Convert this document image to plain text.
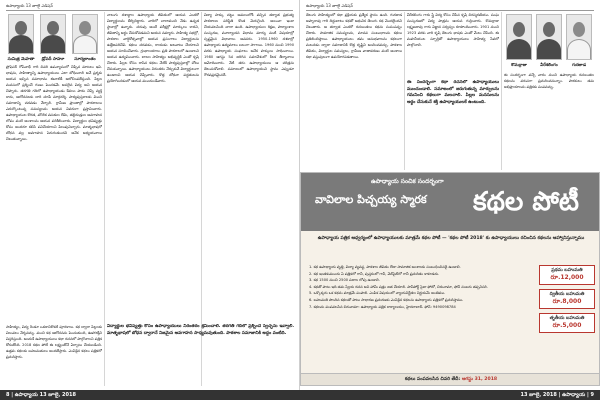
ఉపాధ్యాయ 13 జూలై ఎడిషన్
సుమిత్ర మెహతా	డ్రోపదీ సాహూ	సూర్యకాంతం

ప్రోఫెసర్ గోపీనాథ్ గారి చివరి ఉపన్యాసంలో చెప్పిన మాటలు ఇవి. భాషను, సాహిత్యాన్ని ఉపాధ్యాయులు ఎలా బోధించాలి అనే ప్రశ్నకు ఆయన ఇచ్చిన సమాధానం ఈనాటికీ ఆలోచింపజేస్తుంది. పిల్లల మనసులో ప్రశ్నించే గుణం పెంచడమే అసలైన విద్య అని ఆయన చెప్పారు. తరగతి గదిలో ఉపాధ్యాయుడు కేవలం పాఠం చెప్పే వ్యక్తి కాదు, ఆలోచనలకు దారి చూపే మార్గదర్శి. పాఠ్యపుస్తకాలకు మించి సమాజాన్ని చదవడం నేర్పాలి. గ్రామీణ ప్రాంతాల్లో పాఠశాలలు ఎదుర్కొంటున్న సమస్యలను ఆయన వివరంగా ప్రస్తావించారు. ఉపాధ్యాయుల కొరత, మౌలిక వసతుల లేమి, తల్లిదండ్రుల అవగాహన లోపం వంటి అంశాలను ఆయన పరిశీలించారు. విద్యార్థుల భవిష్యత్తు కోసం అందరూ కలిసి పనిచేయాలని పిలుపునిచ్చారు. మాతృభాషలో బోధన వల్ల అవగాహన పెరుగుతుందని అనేక అధ్యయనాలు చెబుతున్నాయి.

నాలుగు దశాబ్దాల ఉపాధ్యాయ జీవితంలో ఆయన ఎందరో విద్యార్థులను తీర్చిదిద్దారు. వారిలో చాలామంది నేడు ఉన్నత స్థానాల్లో ఉన్నారు. చదువు అంటే పరీక్షల్లో మార్కులు కాదని, జీవితాన్ని అర్థం చేసుకోవడమని ఆయన నమ్మారు. సాహిత్య సభల్లో, పాఠశాల వార్షికోత్సవాల్లో ఆయన ప్రసంగాలు విద్యార్థులను ఉత్తేజపరిచేవి. కథలు చదవడం, రాయడం అలవాటు చేయాలని ఆయన సూచించేవారు. గ్రంథాలయాలు ప్రతి పాఠశాలలో ఉండాలని ఆయన ఉద్యమించారు. బాలల సాహిత్యం అభివృద్ధికి ఎంతో కృషి చేశారు. పిల్లల కోసం రాసిన కథలు నేటికీ పాఠ్యపుస్తకాల్లో చోటు చేసుకున్నాయి. ఉపాధ్యాయులు నిరంతరం నేర్చుకునే విద్యార్థులుగా ఉండాలని ఆయన చెప్పేవారు. కొత్త బోధనా పద్ధతులను ప్రయోగించడంలో ఆయన ముందుండేవారు.

విద్యా హక్కు చట్టం అమలులోకి వచ్చిన తర్వాత ప్రభుత్వ పాఠశాలల పరిస్థితి కొంత మెరుగైంది. అయినా ఇంకా చేయవలసింది చాలా ఉంది. ఉపాధ్యాయుల శిక్షణ, పాఠ్యాంశాల సంస్కరణ, మూల్యాంకన విధానం మార్పు వంటి విషయాల్లో స్పష్టమైన విధానాలు అవసరం. 1950-1960 దశకాల్లో ఉపాధ్యాయ ఉద్యమాలు బలంగా సాగాయి. 1960 నుంచి 1990 వరకు ఉపాధ్యాయ సంఘాలు అనేక హక్కులు సాధించాయి. 1980 ఆగస్టు 5న జరిగిన సమావేశంలో కీలక తీర్మానాలు ఆమోదించారు. నేటి తరం ఉపాధ్యాయులు ఆ చరిత్రను తెలుసుకోవాలి. సమాజంలో ఉపాధ్యాయుని స్థానం ఎప్పుడూ గౌరవప్రదమైనదే.

సాహిత్యం, విద్య రెండూ ఒకదానికొకటి పూరకాలు. కథ ద్వారా పిల్లలకు విలువలు నేర్పవచ్చు. మంచి కథ ఆలోచనను పెంచుతుంది, ఊహాశక్తిని విస్తరిస్తుంది. అందుకే ఉపాధ్యాయులు కథా రచనలో పాల్గొనాలని పత్రిక కోరుతోంది. 2018 కథల పోటీ ఈ లక్ష్యంతోనే ఏర్పాటు చేయబడింది. ఉత్తమ కథలకు బహుమతులు అందజేస్తారు. ఎంపికైన కథలు పత్రికలో ప్రచురిస్తారు.

విద్యార్థుల భవిష్యత్తు కోసం ఉపాధ్యాయులు నిరంతరం శ్రమించాలి. తరగతి గదిలో ప్రశ్నించే స్వేచ్ఛను ఇవ్వాలి. మాతృభాషలో బోధన ద్వారానే నిజమైన అవగాహన సాధ్యమవుతుంది. పాఠశాల సమాజానికి అద్దం వంటిది.
8 | ఉపాధ్యాయ 13 జూలై, 2018
ఉపాధ్యాయ 13 జూలై ఎడిషన్

తెలుగు సాహిత్యంలో కథా ప్రక్రియకు ప్రత్యేక స్థానం ఉంది. గురజాడ అప్పారావు గారి దిద్దుబాటు కథతో ఆధునిక తెలుగు కథ మొదలైందని చెబుతారు. ఆ తర్వాత ఎందరో రచయితలు కథను సుసంపన్నం చేశారు. సామాజిక సమస్యలను, మానవ సంబంధాలను కథలు ప్రతిబింబిస్తాయి. ఉపాధ్యాయులు తమ అనుభవాలను కథలుగా మలచడం ద్వారా సమాజానికి కొత్త దృష్టిని అందించవచ్చు. పాఠశాల జీవితం, విద్యార్థుల సమస్యలు, గ్రామీణ వాతావరణం వంటి అంశాలు కథా వస్తువులుగా ఉపయోగపడతాయి.

వీరేశలింగం గారు స్త్రీ విద్య కోసం చేసిన కృషి చిరస్మరణీయం. సంఘ సంస్కరణలో విద్య పాత్రను ఆయన గుర్తించారు. కొమర్రాజు లక్ష్మణరావు గారు విజ్ఞాన సర్వస్వం రూపొందించారు. 1901 నుంచి 1923 వరకు వారి కృషి తెలుగు భాషకు ఎంతో మేలు చేసింది. ఈ మహనీయుల స్ఫూర్తితో ఉపాధ్యాయులు సాహిత్య సేవలో పాల్గొనాలి.

ఈ సందర్భంగా కథా రచనలో ఉపాధ్యాయులు ముందుండాలి. సమాజంలో జరుగుతున్న మార్పులను గమనించి కథలుగా మలచాలి. పిల్లల మనసులను అర్థం చేసుకునే శక్తి ఉపాధ్యాయులకే ఉంటుంది.
కొమర్రాజు	వీరేశలింగం	గురజాడ

ఈ సందర్భంగా వచ్చే వారం నుంచి ఉపాధ్యాయ రచయితల కథలను వరుసగా ప్రచురించనున్నాం. పాఠకులు తమ అభిప్రాయాలను పత్రికకు పంపవచ్చు.

ఉపాధ్యాయ సంచిక సందర్భంగా
వావిలాల పిచ్చయ్య స్మారక కథల పోటీ
ఉపాధ్యాయ పత్రిక ఆధ్వర్యంలో ఉపాధ్యాయులకు మాత్రమే కథల పోటీ — 'కథల పోటీ 2018' కు ఉపాధ్యాయులు రచించిన కథలను ఆహ్వానిస్తున్నాము
1. కథ ఉపాధ్యాయ వృత్తి, విద్యా వ్యవస్థ, పాఠశాల జీవితం లేదా సామాజిక అంశాలకు సంబంధించినదై ఉండాలి.
2. కథ ఇంతకుముందు ఏ పత్రికలో గానీ, పుస్తకంలో గానీ, వెబ్‌సైట్‌లో గానీ ప్రచురితం కాకూడదు.
3. కథ 1500 నుంచి 2500 పదాల లోపు ఉండాలి.
4. కథతో పాటు ఇది తమ స్వీయ రచన అని హామీ పత్రం జత చేయాలి. పాస్‌పోర్ట్ సైజు ఫోటో, చిరునామా, ఫోన్ నంబరు తప్పనిసరి.
5. ఒక్కొక్కరు ఒక కథను మాత్రమే పంపాలి. ఎంపిక విషయంలో న్యాయనిర్ణేతల నిర్ణయమే అంతిమం.
6. బహుమతి పొందిన కథలతో పాటు సాధారణ ప్రచురణకు ఎంపికైన కథలను ఉపాధ్యాయ పత్రికలో ప్రచురిస్తాము.
7. కథలను పంపవలసిన చిరునామా: ఉపాధ్యాయ పత్రిక కార్యాలయం, హైదరాబాద్. ఫోన్: 9490098784
ప్రథమ బహుమతి
రూ.12,000
ద్వితీయ బహుమతి
రూ.8,000
తృతీయ బహుమతి
రూ.5,000
కథలు పంపవలసిన చివరి తేదీ: ఆగస్టు 31, 2018
13 జూలై, 2018 | ఉపాధ్యాయ | 9
